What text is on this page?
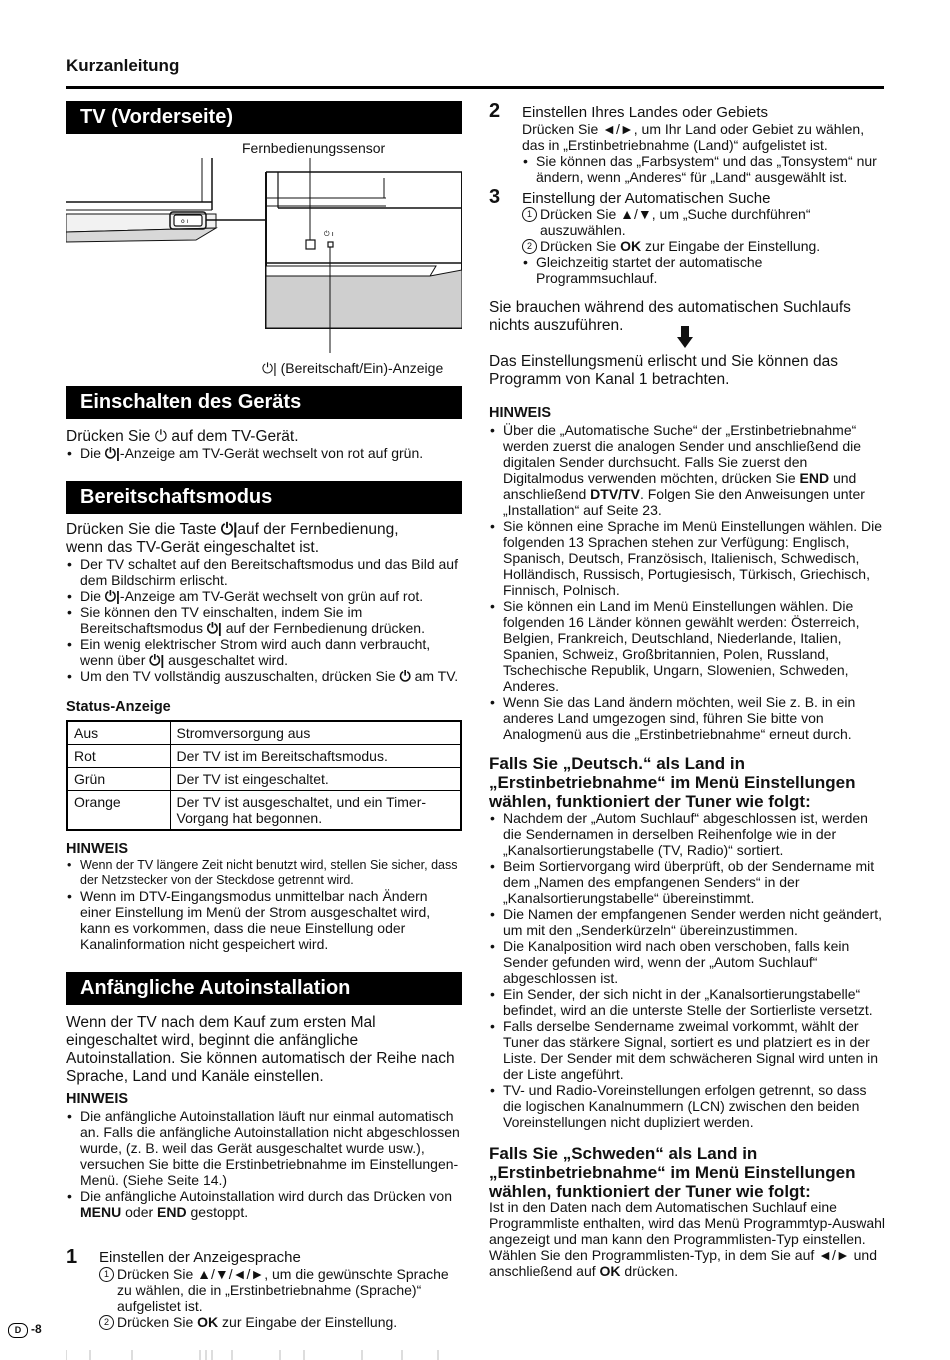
Kurzanleitung
TV (Vorderseite)
Fernbedienungssensor
o ı
⏻ ı
⏻| (Bereitschaft/Ein)-Anzeige
Einschalten des Geräts
Drücken Sie ⏻ auf dem TV-Gerät.
• Die ⏻|-Anzeige am TV-Gerät wechselt von rot auf grün.
Bereitschaftsmodus
Drücken Sie die Taste ⏻|auf der Fernbedienung,
wenn das TV-Gerät eingeschaltet ist.
• Der TV schaltet auf den Bereitschaftsmodus und das Bild auf dem Bildschirm erlischt.
• Die ⏻|-Anzeige am TV-Gerät wechselt von grün auf rot.
• Sie können den TV einschalten, indem Sie im Bereitschaftsmodus ⏻| auf der Fernbedienung drücken.
• Ein wenig elektrischer Strom wird auch dann verbraucht, wenn über ⏻| ausgeschaltet wird.
• Um den TV vollständig auszuschalten, drücken Sie ⏻ am TV.
Status-Anzeige
Aus	Stromversorgung aus
Rot	Der TV ist im Bereitschaftsmodus.
Grün	Der TV ist eingeschaltet.
Orange	Der TV ist ausgeschaltet, und ein Timer-Vorgang hat begonnen.
HINWEIS
• Wenn der TV längere Zeit nicht benutzt wird, stellen Sie sicher, dass der Netzstecker von der Steckdose getrennt wird.
• Wenn im DTV-Eingangsmodus unmittelbar nach Ändern einer Einstellung im Menü der Strom ausgeschaltet wird, kann es vorkommen, dass die neue Einstellung oder Kanalinformation nicht gespeichert wird.
Anfängliche Autoinstallation
Wenn der TV nach dem Kauf zum ersten Mal eingeschaltet wird, beginnt die anfängliche Autoinstallation. Sie können automatisch der Reihe nach Sprache, Land und Kanäle einstellen.
HINWEIS
• Die anfängliche Autoinstallation läuft nur einmal automatisch an. Falls die anfängliche Autoinstallation nicht abgeschlossen wurde, (z. B. weil das Gerät ausgeschaltet wurde usw.), versuchen Sie bitte die Erstinbetriebnahme im Einstellungen-Menü. (Siehe Seite 14.)
• Die anfängliche Autoinstallation wird durch das Drücken von MENU oder END gestoppt.
1 Einstellen der Anzeigesprache
1 Drücken Sie ▲/▼/◄/►, um die gewünschte Sprache zu wählen, die in „Erstinbetriebnahme (Sprache)“ aufgelistet ist.
2 Drücken Sie OK zur Eingabe der Einstellung.
2 Einstellen Ihres Landes oder Gebiets
Drücken Sie ◄/►, um Ihr Land oder Gebiet zu wählen, das in „Erstinbetriebnahme (Land)“ aufgelistet ist.
• Sie können das „Farbsystem“ und das „Tonsystem“ nur ändern, wenn „Anderes“ für „Land“ ausgewählt ist.
3 Einstellung der Automatischen Suche
1 Drücken Sie ▲/▼, um „Suche durchführen“ auszuwählen.
2 Drücken Sie OK zur Eingabe der Einstellung.
• Gleichzeitig startet der automatische Programmsuchlauf.
Sie brauchen während des automatischen Suchlaufs nichts auszuführen.
Das Einstellungsmenü erlischt und Sie können das Programm von Kanal 1 betrachten.
HINWEIS
• Über die „Automatische Suche“ der „Erstinbetriebnahme“ werden zuerst die analogen Sender und anschließend die digitalen Sender durchsucht. Falls Sie zuerst den Digitalmodus verwenden möchten, drücken Sie END und anschließend DTV/TV. Folgen Sie den Anweisungen unter „Installation“ auf Seite 23.
• Sie können eine Sprache im Menü Einstellungen wählen. Die folgenden 13 Sprachen stehen zur Verfügung: Englisch, Spanisch, Deutsch, Französisch, Italienisch, Schwedisch, Holländisch, Russisch, Portugiesisch, Türkisch, Griechisch, Finnisch, Polnisch.
• Sie können ein Land im Menü Einstellungen wählen. Die folgenden 16 Länder können gewählt werden: Österreich, Belgien, Frankreich, Deutschland, Niederlande, Italien, Spanien, Schweiz, Großbritannien, Polen, Russland, Tschechische Republik, Ungarn, Slowenien, Schweden, Anderes.
• Wenn Sie das Land ändern möchten, weil Sie z. B. in ein anderes Land umgezogen sind, führen Sie bitte von Analogmenü aus die „Erstinbetriebnahme“ erneut durch.
Falls Sie „Deutsch.“ als Land in „Erstinbetriebnahme“ im Menü Einstellungen wählen, funktioniert der Tuner wie folgt:
• Nachdem der „Autom Suchlauf“ abgeschlossen ist, werden die Sendernamen in derselben Reihenfolge wie in der „Kanalsortierungstabelle (TV, Radio)“ sortiert.
• Beim Sortiervorgang wird überprüft, ob der Sendername mit dem „Namen des empfangenen Senders“ in der „Kanalsortierungstabelle“ übereinstimmt.
• Die Namen der empfangenen Sender werden nicht geändert, um mit den „Senderkürzeln“ übereinzustimmen.
• Die Kanalposition wird nach oben verschoben, falls kein Sender gefunden wird, wenn der „Autom Suchlauf“ abgeschlossen ist.
• Ein Sender, der sich nicht in der „Kanalsortierungstabelle“ befindet, wird an die unterste Stelle der Sortierliste versetzt.
• Falls derselbe Sendername zweimal vorkommt, wählt der Tuner das stärkere Signal, sortiert es und platziert es in der Liste. Der Sender mit dem schwächeren Signal wird unten in der Liste angeführt.
• TV- und Radio-Voreinstellungen erfolgen getrennt, so dass die logischen Kanalnummern (LCN) zwischen den beiden Voreinstellungen nicht dupliziert werden.
Falls Sie „Schweden“ als Land in „Erstinbetriebnahme“ im Menü Einstellungen wählen, funktioniert der Tuner wie folgt:
Ist in den Daten nach dem Automatischen Suchlauf eine Programmliste enthalten, wird das Menü Programmtyp-Auswahl angezeigt und man kann den Programmlisten-Typ einstellen.
Wählen Sie den Programmlisten-Typ, in dem Sie auf ◄/► und anschließend auf OK drücken.
D -8
